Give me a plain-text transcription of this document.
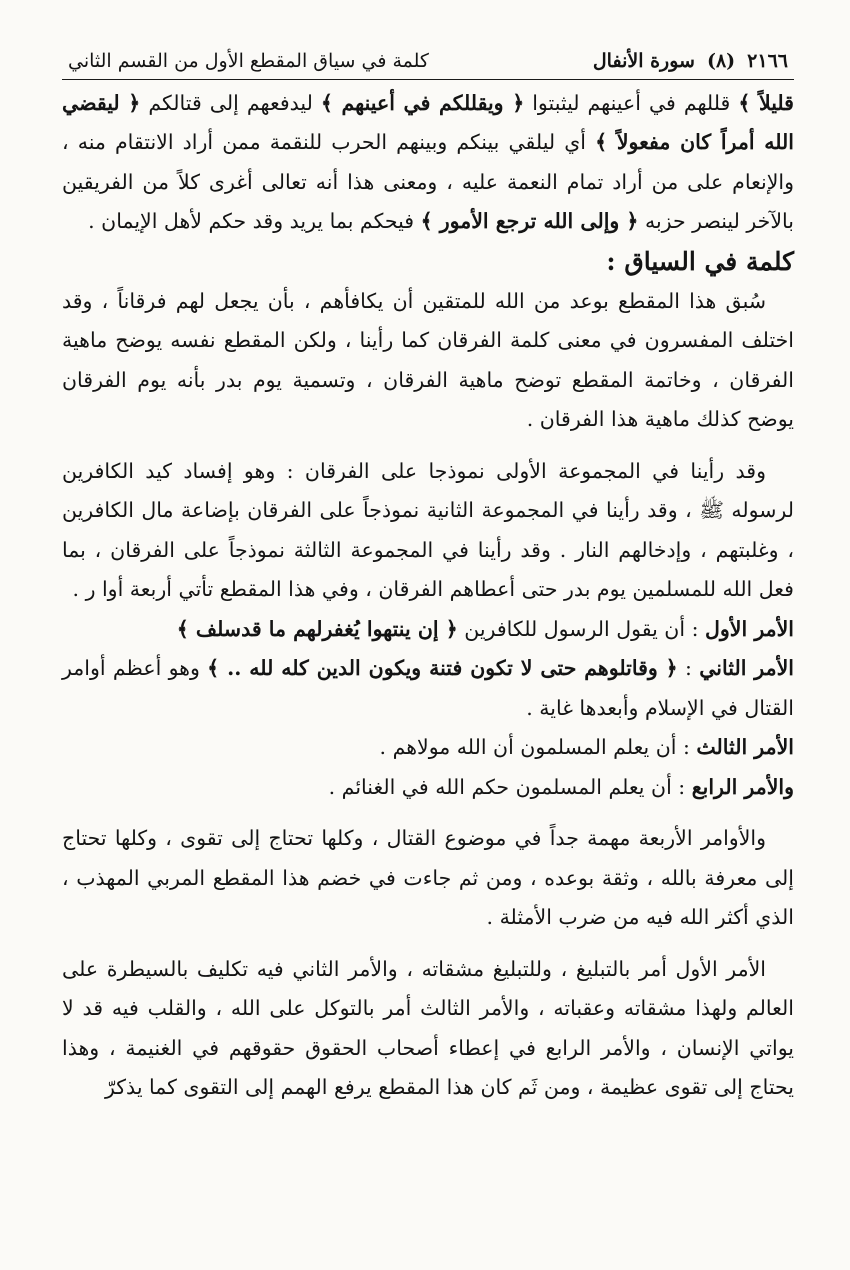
٢١٦٦
(٨)
سورة الأنفال
كلمة في سياق المقطع الأول من القسم الثاني

قليلاً ﴾ قللهم في أعينهم ليثبتوا ﴿ ويقللكم في أعينهم ﴾ ليدفعهم إلى قتالكم ﴿ ليقضي الله أمراً كان مفعولاً ﴾ أي ليلقي بينكم وبينهم الحرب للنقمة ممن أراد الانتقام منه ، والإنعام على من أراد تمام النعمة عليه ، ومعنى هذا أنه تعالى أغرى كلاً من الفريقين بالآخر لينصر حزبه ﴿ وإلى الله ترجع الأمور ﴾ فيحكم بما يريد وقد حكم لأهل الإيمان .

كلمة في السياق :

سُبق هذا المقطع بوعد من الله للمتقين أن يكافأهم ، بأن يجعل لهم فرقاناً ، وقد اختلف المفسرون في معنى كلمة الفرقان كما رأينا ، ولكن المقطع نفسه يوضح ماهية الفرقان ، وخاتمة المقطع توضح ماهية الفرقان ، وتسمية يوم بدر بأنه يوم الفرقان يوضح كذلك ماهية هذا الفرقان .

وقد رأينا في المجموعة الأولى نموذجا على الفرقان : وهو إفساد كيد الكافرين لرسوله ﷺ ، وقد رأينا في المجموعة الثانية نموذجاً على الفرقان بإضاعة مال الكافرين ، وغلبتهم ، وإدخالهم النار . وقد رأينا في المجموعة الثالثة نموذجاً على الفرقان ، بما فعل الله للمسلمين يوم بدر حتى أعطاهم الفرقان ، وفي هذا المقطع تأتي أربعة أوا ر .

الأمر الأول : أن يقول الرسول للكافرين ﴿ إن ينتهوا يُغفرلهم ما قدسلف ﴾

الأمر الثاني : ﴿ وقاتلوهم حتى لا تكون فتنة ويكون الدين كله لله .. ﴾ وهو أعظم أوامر القتال في الإسلام وأبعدها غاية .

الأمر الثالث : أن يعلم المسلمون أن الله مولاهم .

والأمر الرابع : أن يعلم المسلمون حكم الله في الغنائم .

والأوامر الأربعة مهمة جداً في موضوع القتال ، وكلها تحتاج إلى تقوى ، وكلها تحتاج إلى معرفة بالله ، وثقة بوعده ، ومن ثم جاءت في خضم هذا المقطع المربي المهذب ، الذي أكثر الله فيه من ضرب الأمثلة .

الأمر الأول أمر بالتبليغ ، وللتبليغ مشقاته ، والأمر الثاني فيه تكليف بالسيطرة على العالم ولهذا مشقاته وعقباته ، والأمر الثالث أمر بالتوكل على الله ، والقلب فيه قد لا يواتي الإنسان ، والأمر الرابع في إعطاء أصحاب الحقوق حقوقهم في الغنيمة ، وهذا يحتاج إلى تقوى عظيمة ، ومن ثَم كان هذا المقطع يرفع الهمم إلى التقوى كما يذكرّ
